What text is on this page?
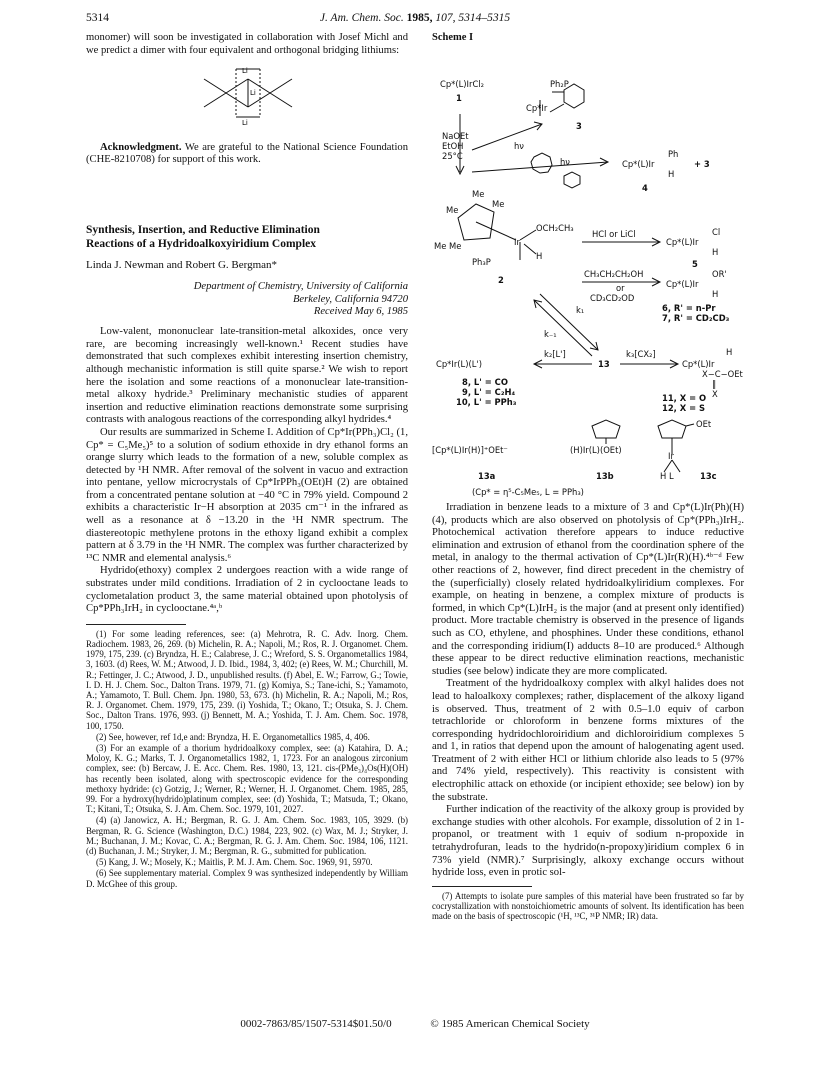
5314	J. Am. Chem. Soc. 1985, 107, 5314–5315

monomer) will soon be investigated in collaboration with Josef Michl and we predict a dimer with four equivalent and orthogonal bridging lithiums:

Li
Li
Li

Acknowledgment. We are grateful to the National Science Foundation (CHE-8210708) for support of this work.

Synthesis, Insertion, and Reductive Elimination
Reactions of a Hydridoalkoxyiridium Complex
Linda J. Newman and Robert G. Bergman*
Department of Chemistry, University of California
Berkeley, California 94720
Received May 6, 1985

Low-valent, mononuclear late-transition-metal alkoxides, once very rare, are becoming increasingly well-known.¹ Recent studies have demonstrated that such complexes exhibit interesting insertion chemistry, although mechanistic information is still quite sparse.² We wish to report here the isolation and some reactions of a mononuclear late-transition-metal alkoxy hydride.³ Preliminary mechanistic studies of apparent insertion and reductive elimination reactions demonstrate some surprising contrasts with analogous reactions of the corresponding alkyl hydrides.⁴

Our results are summarized in Scheme I. Addition of Cp*Ir(PPh₃)Cl₂ (1, Cp* = C₅Me₅)⁵ to a solution of sodium ethoxide in dry ethanol forms an orange slurry which leads to the formation of a new, soluble complex as detected by ¹H NMR. After removal of the solvent in vacuo and extraction into pentane, yellow microcrystals of Cp*IrPPh₃(OEt)H (2) are obtained from a concentrated pentane solution at −40 °C in 79% yield. Compound 2 exhibits a characteristic Ir−H absorption at 2035 cm⁻¹ in the infrared as well as a resonance at δ −13.20 in the ¹H NMR spectrum. The diastereotopic methylene protons in the ethoxy ligand exhibit a complex pattern at δ 3.79 in the ¹H NMR. The complex was further characterized by ¹³C NMR and elemental analysis.⁶

Hydrido(ethoxy) complex 2 undergoes reaction with a wide range of substrates under mild conditions. Irradiation of 2 in cyclooctane leads to cyclometalation product 3, the same material obtained upon photolysis of Cp*PPh₃IrH₂ in cyclooctane.⁴ᵃ,ᵇ

(1) For some leading references, see: (a) Mehrotra, R. C. Adv. Inorg. Chem. Radiochem. 1983, 26, 269. (b) Michelin, R. A.; Napoli, M.; Ros, R. J. Organomet. Chem. 1979, 175, 239. (c) Bryndza, H. E.; Calabrese, J. C.; Wreford, S. S. Organometallics 1984, 3, 1603. (d) Rees, W. M.; Atwood, J. D. Ibid., 1984, 3, 402; (e) Rees, W. M.; Churchill, M. R.; Fettinger, J. C.; Atwood, J. D., unpublished results. (f) Abel, E. W.; Farrow, G.; Towie, I. D. H. J. Chem. Soc., Dalton Trans. 1979, 71. (g) Komiya, S.; Tane-ichi, S.; Yamamoto, A.; Yamamoto, T. Bull. Chem. Jpn. 1980, 53, 673. (h) Michelin, R. A.; Napoli, M.; Ros, R. J. Organomet. Chem. 1979, 175, 239. (i) Yoshida, T.; Okano, T.; Otsuka, S. J. Chem. Soc., Dalton Trans. 1976, 993. (j) Bennett, M. A.; Yoshida, T. J. Am. Chem. Soc. 1978, 100, 1750.

(2) See, however, ref 1d,e and: Bryndza, H. E. Organometallics 1985, 4, 406.

(3) For an example of a thorium hydridoalkoxy complex, see: (a) Katahira, D. A.; Moloy, K. G.; Marks, T. J. Organometallics 1982, 1, 1723. For an analogous zirconium complex, see: (b) Bercaw, J. E. Acc. Chem. Res. 1980, 13, 121. cis-(PMe₃)₄Os(H)(OH) has recently been isolated, along with spectroscopic evidence for the corresponding methoxy hydride: (c) Gotzig, J.; Werner, R.; Werner, H. J. Organomet. Chem. 1985, 285, 99. For a hydroxy(hydrido)platinum complex, see: (d) Yoshida, T.; Matsuda, T.; Okano, T.; Kitani, T.; Otsuka, S. J. Am. Chem. Soc. 1979, 101, 2027.

(4) (a) Janowicz, A. H.; Bergman, R. G. J. Am. Chem. Soc. 1983, 105, 3929. (b) Bergman, R. G. Science (Washington, D.C.) 1984, 223, 902. (c) Wax, M. J.; Stryker, J. M.; Buchanan, J. M.; Kovac, C. A.; Bergman, R. G. J. Am. Chem. Soc. 1984, 106, 1121. (d) Buchanan, J. M.; Stryker, J. M.; Bergman, R. G., submitted for publication.

(5) Kang, J. W.; Mosely, K.; Maitlis, P. M. J. Am. Chem. Soc. 1969, 91, 5970.

(6) See supplementary material. Complex 9 was synthesized independently by William D. McGhee of this group.

Scheme I
Cp*(L)IrCl₂
1
NaOEt
EtOH
25°C
hν
hν
Ph₂P
Cp*Ir
3
Cp*(L)Ir
Ph
H
+ 3
4
Me
Me
Me
Me Me	Ir
OCH₂CH₃
H
Ph₃P
2
HCl or LiCl
Cp*(L)Ir
Cl
H
5
CH₃CH₂CH₂OH
or
CD₃CD₂OD
Cp*(L)Ir
OR'
H
6, R' = n-Pr
7, R' = CD₂CD₃
k₁
k₋₁
Cp*Ir(L)(L')
k₂[L']
13
k₃[CX₂]
Cp*(L)Ir
H
X−C−OEt
‖
X
8, L' = CO
9, L' = C₂H₄
10, L' = PPh₃	11, X = O
12, X = S
[Cp*(L)Ir(H)]⁺OEt⁻	(H)Ir(L)(OEt)
OEt
Ir
H L
13a	13b	13c
(Cp* = η⁵-C₅Me₅, L = PPh₃)

Irradiation in benzene leads to a mixture of 3 and Cp*(L)Ir(Ph)(H) (4), products which are also observed on photolysis of Cp*(PPh₃)IrH₂. Photochemical activation therefore appears to induce reductive elimination and extrusion of ethanol from the coordination sphere of the metal, in analogy to the thermal activation of Cp*(L)Ir(R)(H).⁴ᵇ⁻ᵈ Few other reactions of 2, however, find direct precedent in the chemistry of the (superficially) closely related hydridoalkyliridium complexes. For example, on heating in benzene, a complex mixture of products is formed, in which Cp*(L)IrH₂ is the major (and at present only identified) product. More tractable chemistry is observed in the presence of ligands such as CO, ethylene, and phosphines. Under these conditions, ethanol and the corresponding iridium(I) adducts 8–10 are produced.⁶ Although these appear to be direct reductive elimination reactions, mechanistic studies (see below) indicate they are more complicated.

Treatment of the hydridoalkoxy complex with alkyl halides does not lead to haloalkoxy complexes; rather, displacement of the alkoxy ligand is observed. Thus, treatment of 2 with 0.5–1.0 equiv of carbon tetrachloride or chloroform in benzene forms mixtures of the corresponding hydridochloroiridium and dichloroiridium complexes 5 and 1, in ratios that depend upon the amount of halogenating agent used. Treatment of 2 with either HCl or lithium chloride also leads to 5 (97% and 74% yield, respectively). This reactivity is consistent with electrophilic attack on ethoxide (or incipient ethoxide; see below) ion by the substrate.

Further indication of the reactivity of the alkoxy group is provided by exchange studies with other alcohols. For example, dissolution of 2 in 1-propanol, or treatment with 1 equiv of sodium n-propoxide in tetrahydrofuran, leads to the hydrido(n-propoxy)iridium complex 6 in 73% yield (NMR).⁷ Surprisingly, alkoxy exchange occurs without hydride loss, even in protic sol-

(7) Attempts to isolate pure samples of this material have been frustrated so far by cocrystallization with nonstoichiometric amounts of solvent. Its identification has been made on the basis of spectroscopic (¹H, ¹³C, ³¹P NMR; IR) data.

0002-7863/85/1507-5314$01.50/0	© 1985 American Chemical Society
